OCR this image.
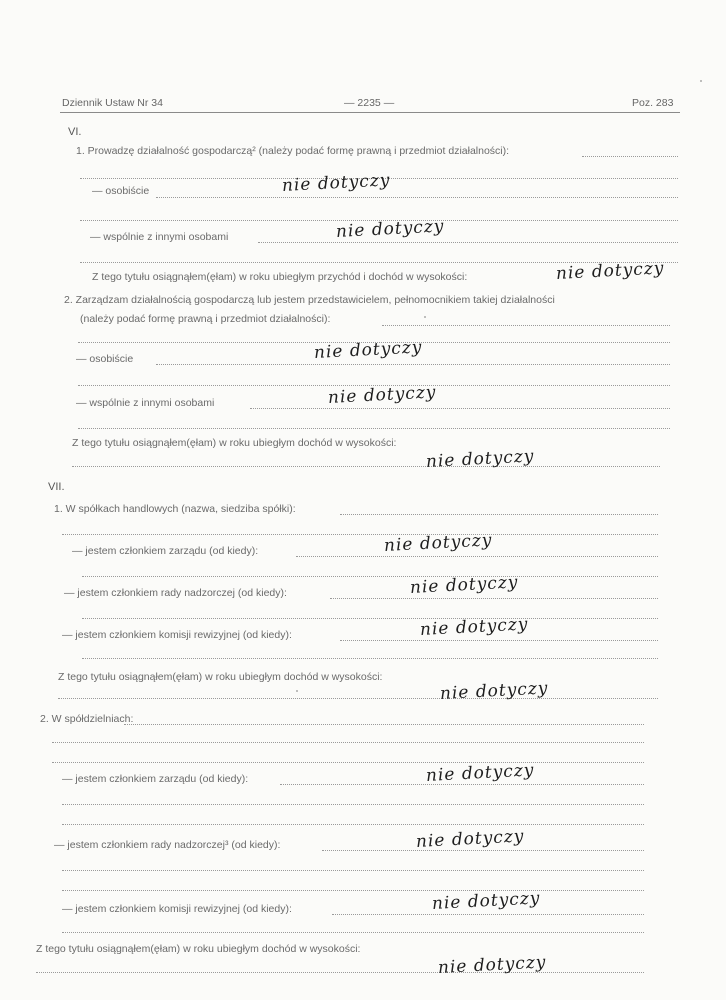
Dziennik Ustaw Nr 34	— 2235 —	Poz. 283
VI.
1. Prowadzę działalność gospodarczą² (należy podać formę prawną i przedmiot działalności):
— osobiście	nie dotyczy
— wspólnie z innymi osobami	nie dotyczy
Z tego tytułu osiągnąłem(ęłam) w roku ubiegłym przychód i dochód w wysokości:	nie dotyczy
2. Zarządzam działalnością gospodarczą lub jestem przedstawicielem, pełnomocnikiem takiej działalności
(należy podać formę prawną i przedmiot działalności):
— osobiście	nie dotyczy
— wspólnie z innymi osobami	nie dotyczy
Z tego tytułu osiągnąłem(ęłam) w roku ubiegłym dochód w wysokości:
nie dotyczy
VII.
1. W spółkach handlowych (nazwa, siedziba spółki):
— jestem członkiem zarządu (od kiedy):	nie dotyczy
— jestem członkiem rady nadzorczej (od kiedy):	nie dotyczy
— jestem członkiem komisji rewizyjnej (od kiedy):	nie dotyczy
Z tego tytułu osiągnąłem(ęłam) w roku ubiegłym dochód w wysokości:
nie dotyczy
2. W spółdzielniach:
— jestem członkiem zarządu (od kiedy):	nie dotyczy
— jestem członkiem rady nadzorczej³ (od kiedy):	nie dotyczy
— jestem członkiem komisji rewizyjnej (od kiedy):	nie dotyczy
Z tego tytułu osiągnąłem(ęłam) w roku ubiegłym dochód w wysokości:
nie dotyczy
